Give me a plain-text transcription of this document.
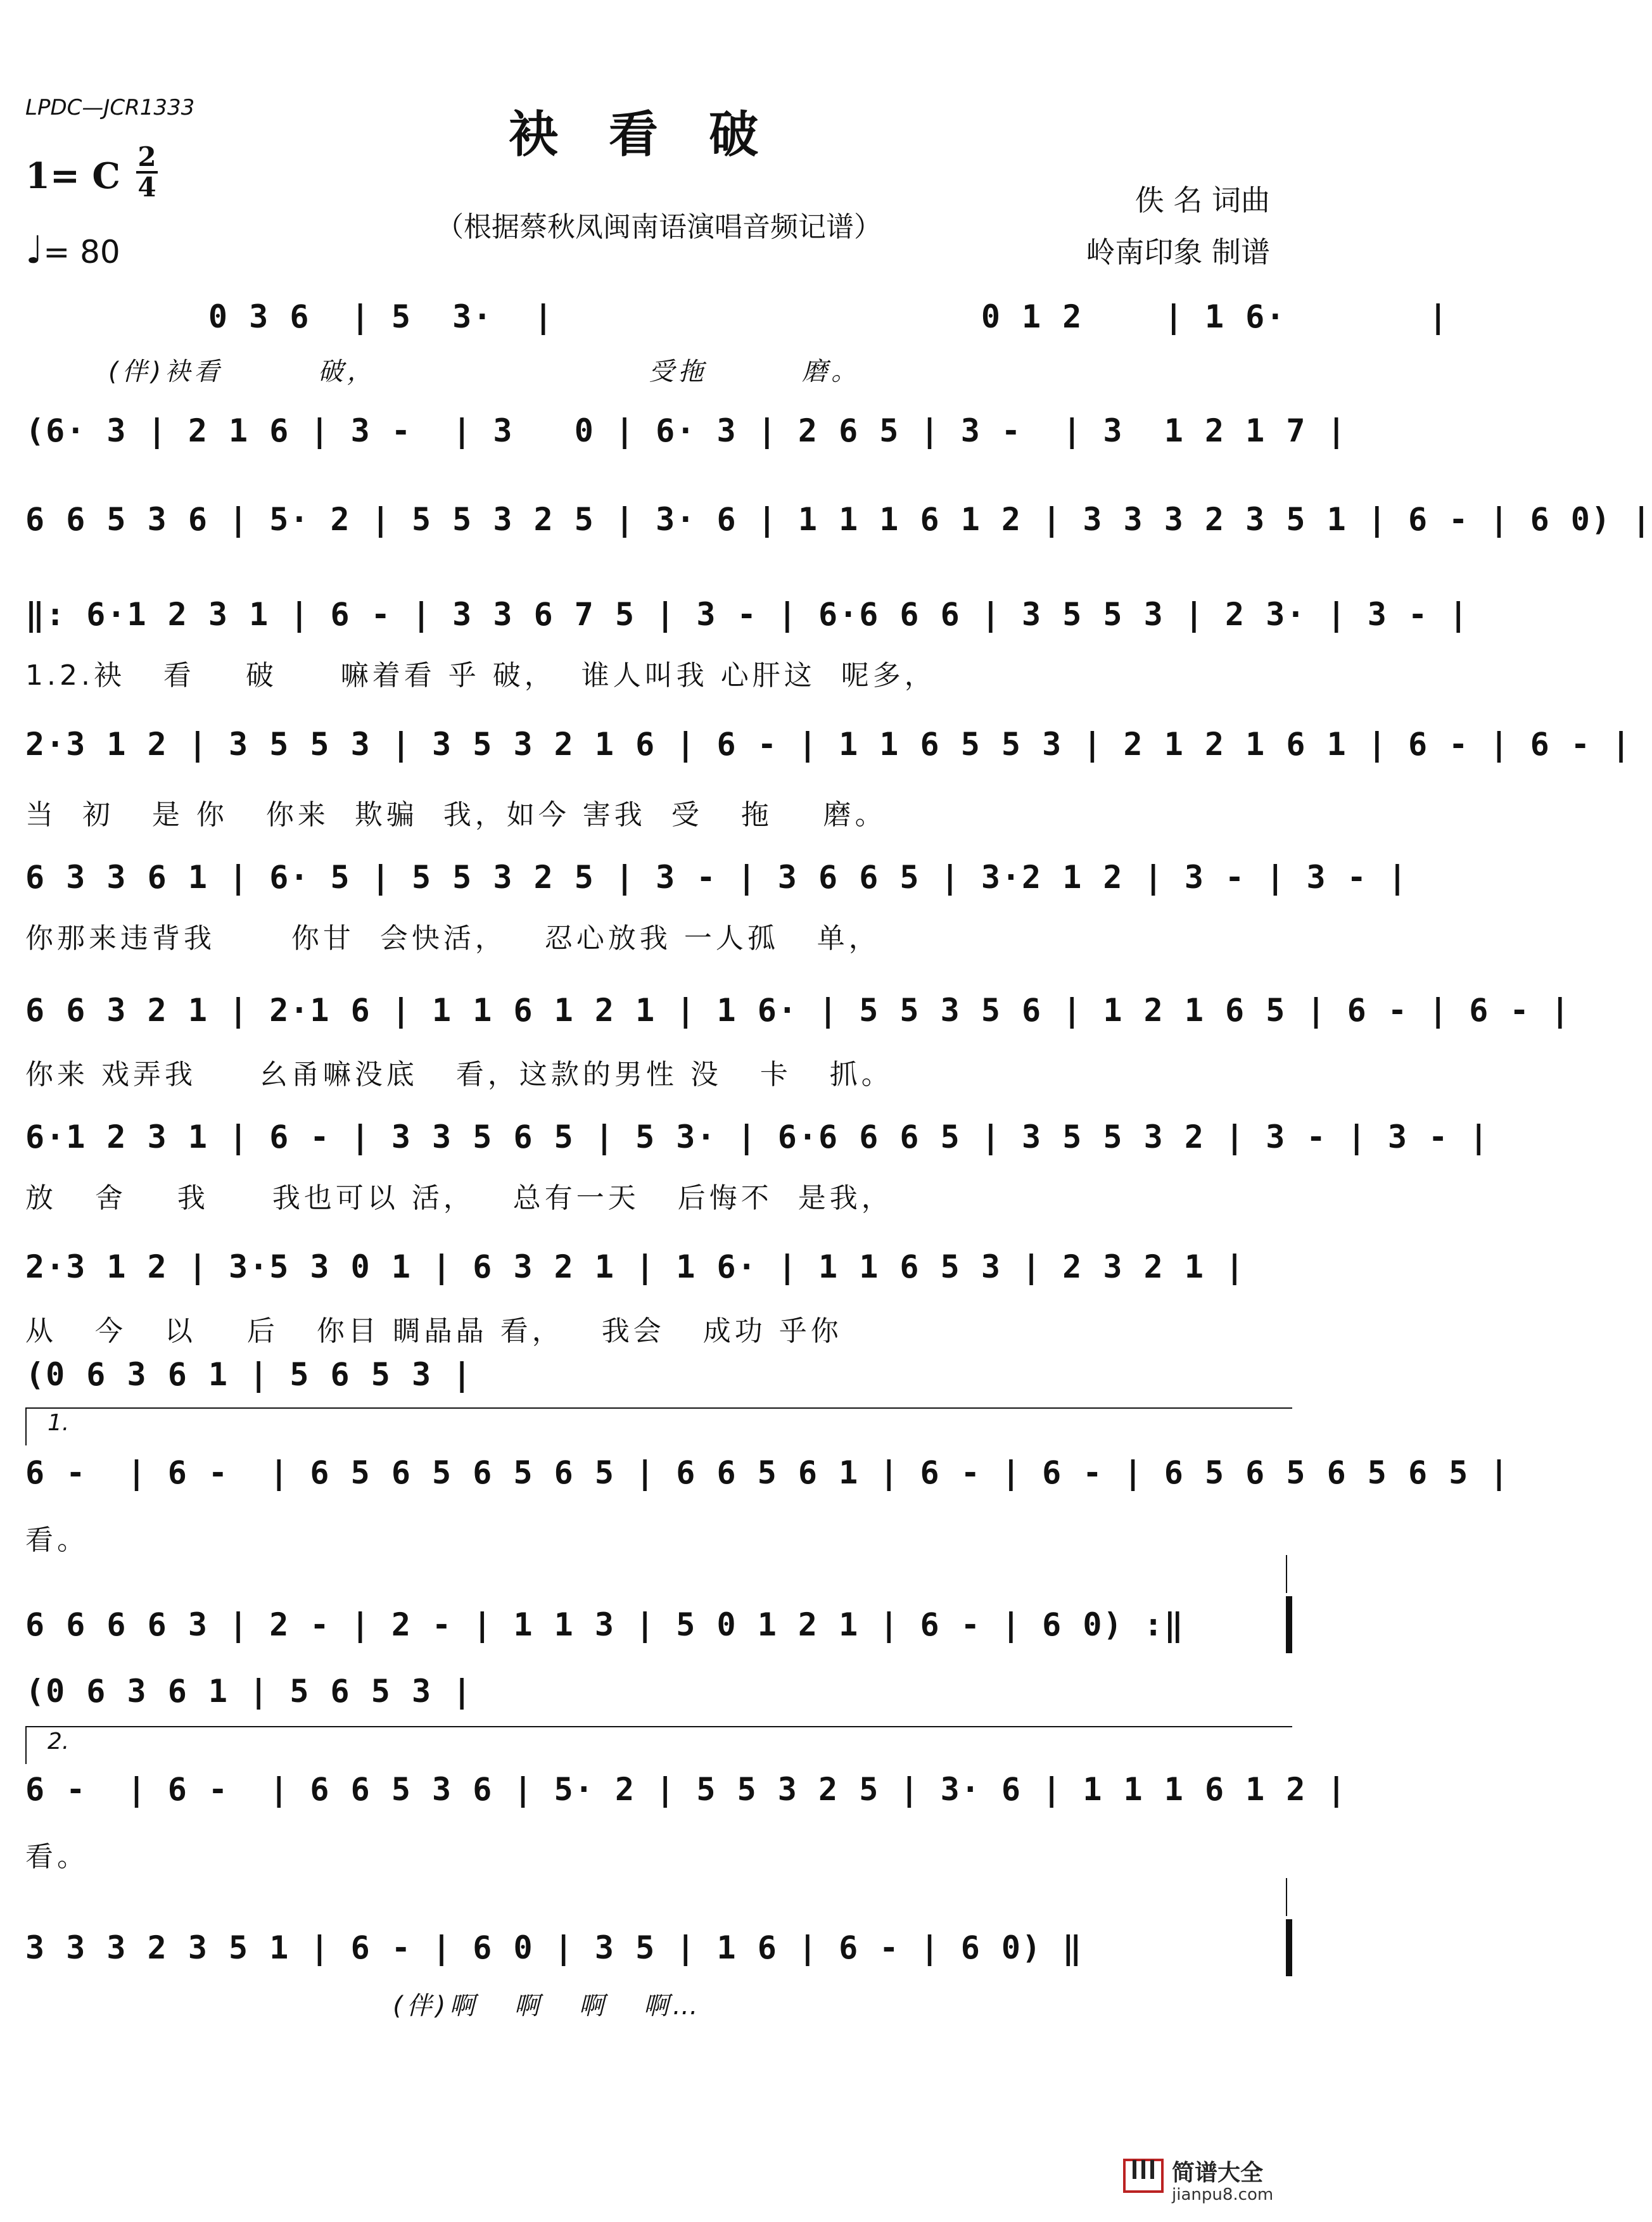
LPDC—JCR1333	袂看破
1= C 2
4
♩= 80
（根据蔡秋凤闽南语演唱音频记谱）
佚 名 词曲
岭南印象 制谱
0 3 6  | 5  3·  |                     0 1 2    | 1 6·       |
(伴)袂看        破，                       受拖        磨。
(6· 3 | 2 1 6 | 3 -  | 3   0 | 6· 3 | 2 6 5 | 3 -  | 3  1 2 1 7 |
6 6 5 3 6 | 5· 2 | 5 5 3 2 5 | 3· 6 | 1 1 1 6 1 2 | 3 3 3 2 3 5 1 | 6 - | 6 0) |
‖: 6·1 2 3 1 | 6 - | 3 3 6 7 5 | 3 - | 6·6 6 6 | 3 5 5 3 | 2 3· | 3 - |
1.2.袂   看    破     嘛着看 乎 破，  谁人叫我 心肝这  呢多，
2·3 1 2 | 3 5 5 3 | 3 5 3 2 1 6 | 6 - | 1 1 6 5 5 3 | 2 1 2 1 6 1 | 6 - | 6 - |
当  初   是 你   你来  欺骗  我，如今 害我  受   拖    磨。
6 3 3 6 1 | 6· 5 | 5 5 3 2 5 | 3 - | 3 6 6 5 | 3·2 1 2 | 3 - | 3 - |
你那来违背我      你甘  会快活，   忍心放我 一人孤   单，
6 6 3 2 1 | 2·1 6 | 1 1 6 1 2 1 | 1 6· | 5 5 3 5 6 | 1 2 1 6 5 | 6 - | 6 - |
你来 戏弄我     幺甬嘛没底   看，这款的男性 没   卡   抓。
6·1 2 3 1 | 6 - | 3 3 5 6 5 | 5 3· | 6·6 6 6 5 | 3 5 5 3 2 | 3 - | 3 - |
放   舍    我     我也可以 活，   总有一天   后悔不  是我，
2·3 1 2 | 3·5 3 0 1 | 6 3 2 1 | 1 6· | 1 1 6 5 3 | 2 3 2 1 |
从   今   以    后   你目 睭晶晶 看，   我会   成功 乎你
(0 6 3 6 1 | 5 6 5 3 |
1.
6 -  | 6 -  | 6 5 6 5 6 5 6 5 | 6 6 5 6 1 | 6 - | 6 - | 6 5 6 5 6 5 6 5 |
看。
6 6 6 6 3 | 2 - | 2 - | 1 1 3 | 5 0 1 2 1 | 6 - | 6 0) :‖
(0 6 3 6 1 | 5 6 5 3 |
2.
6 -  | 6 -  | 6 6 5 3 6 | 5· 2 | 5 5 3 2 5 | 3· 6 | 1 1 1 6 1 2 |
看。
3 3 3 2 3 5 1 | 6 - | 6 0 | 3 5 | 1 6 | 6 - | 6 0) ‖
(伴)啊   啊   啊   啊…
简谱大全
jianpu8.com
